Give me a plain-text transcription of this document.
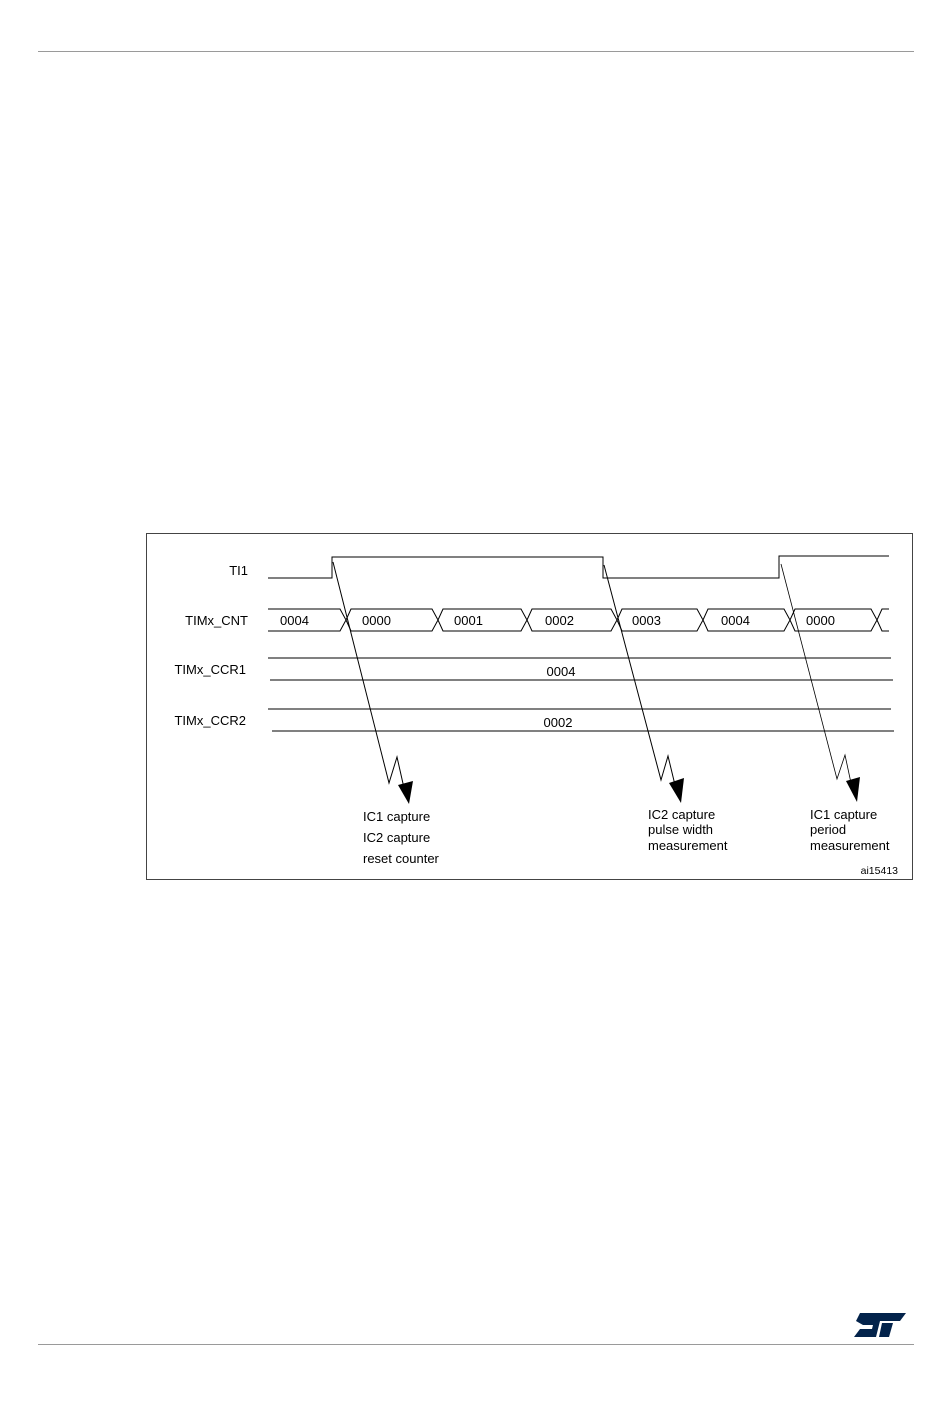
TI1
TIMx_CNT
TIMx_CCR1
TIMx_CCR2
0004	0000	0001	0002	0003	0004	0000
0004
0002
IC1 capture
IC2 capture
reset counter
IC2 capture
pulse width
measurement
IC1 capture
period
measurement
ai15413
